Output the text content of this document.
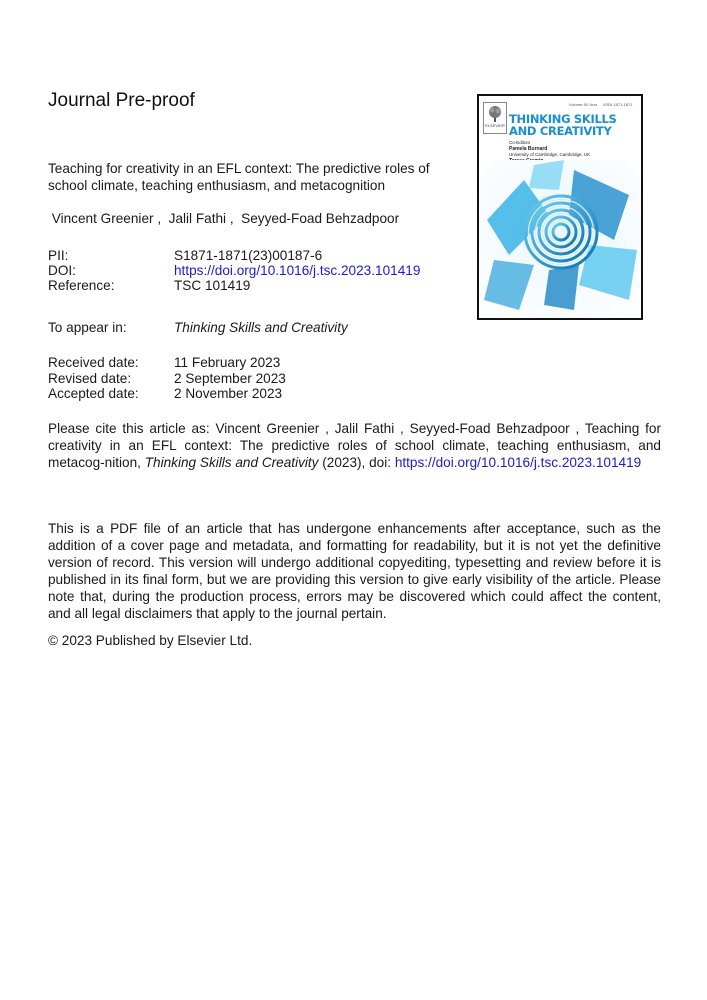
Journal Pre-proof
Teaching for creativity in an EFL context: The predictive roles of school climate, teaching enthusiasm, and metacognition
Vincent Greenier ,  Jalil Fathi ,  Seyyed-Foad Behzadpoor
PII:	S1871-1871(23)00187-6
DOI:	https://doi.org/10.1016/j.tsc.2023.101419
Reference:	TSC 101419
To appear in:	Thinking Skills and Creativity
Received date:	11 February 2023
Revised date:	2 September 2023
Accepted date:	2 November 2023
Please cite this article as: Vincent Greenier , Jalil Fathi , Seyyed-Foad Behzadpoor , Teaching for creativity in an EFL context: The predictive roles of school climate, teaching enthusiasm, and metacog-nition, Thinking Skills and Creativity (2023), doi: https://doi.org/10.1016/j.tsc.2023.101419
This is a PDF file of an article that has undergone enhancements after acceptance, such as the addition of a cover page and metadata, and formatting for readability, but it is not yet the definitive version of record. This version will undergo additional copyediting, typesetting and review before it is published in its final form, but we are providing this version to give early visibility of the article. Please note that, during the production process, errors may be discovered which could affect the content, and all legal disclaimers that apply to the journal pertain.
© 2023 Published by Elsevier Ltd.
ELSEVIER
Volume 50 Year ISSN 1871-1871
THINKING SKILLS
AND CREATIVITY
Co-Editors
Pamela Burnard
University of Cambridge, Cambridge, UK
